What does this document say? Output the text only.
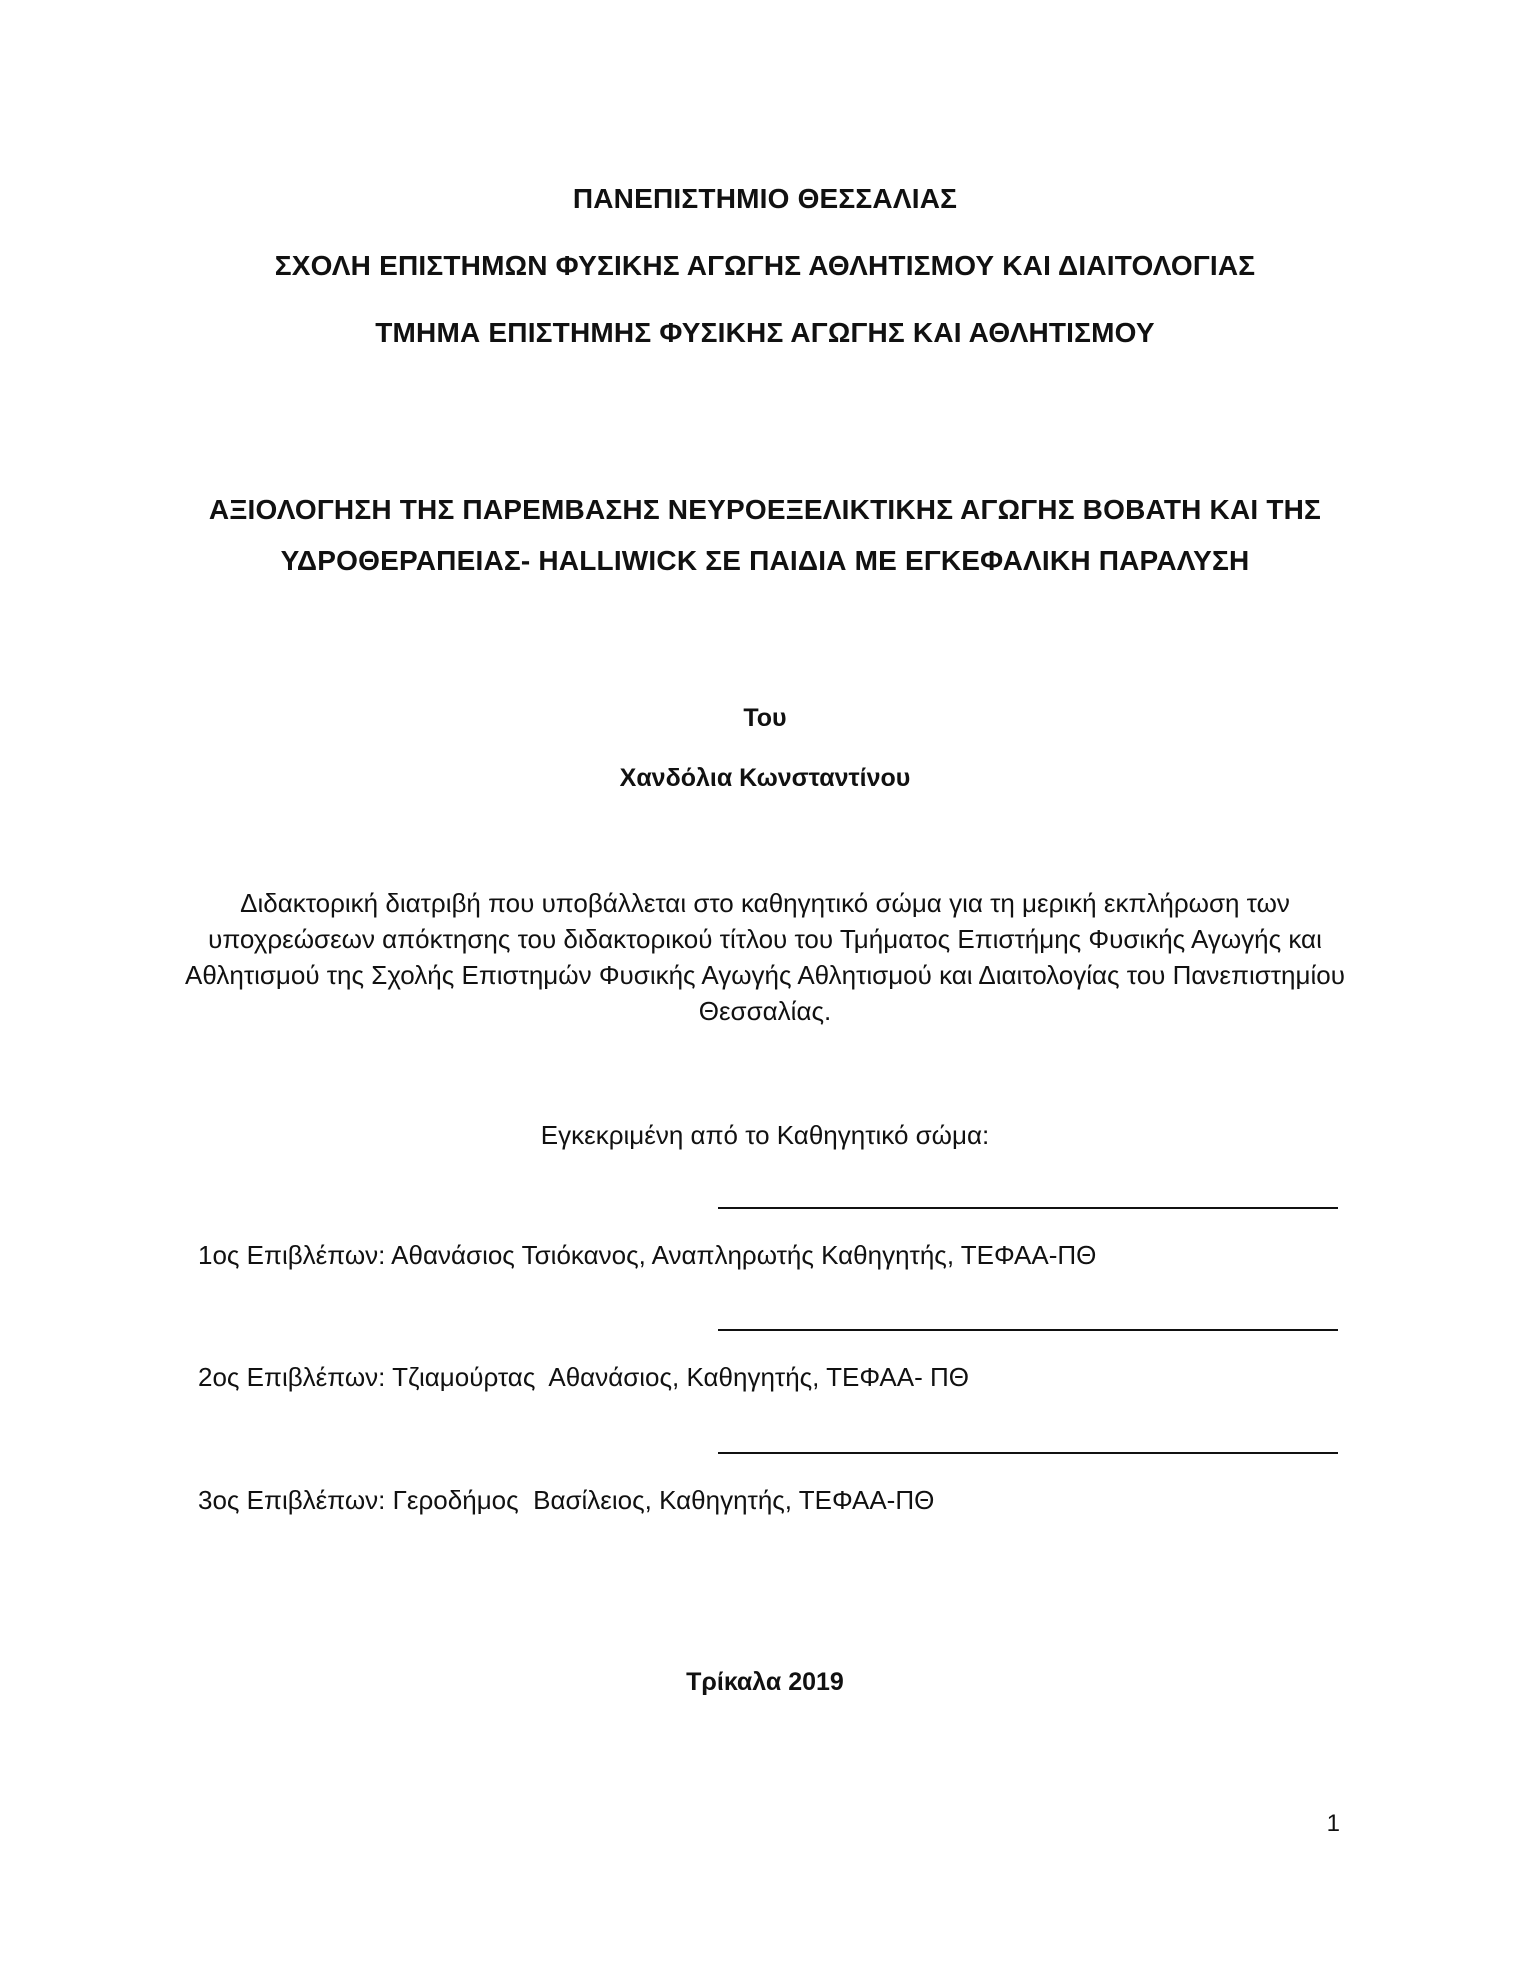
ΠΑΝΕΠΙΣΤΗΜΙΟ ΘΕΣΣΑΛΙΑΣ
ΣΧΟΛΗ ΕΠΙΣΤΗΜΩΝ ΦΥΣΙΚΗΣ ΑΓΩΓΗΣ ΑΘΛΗΤΙΣΜΟΥ ΚΑΙ ΔΙΑΙΤΟΛΟΓΙΑΣ
ΤΜΗΜΑ ΕΠΙΣΤΗΜΗΣ ΦΥΣΙΚΗΣ ΑΓΩΓΗΣ ΚΑΙ ΑΘΛΗΤΙΣΜΟΥ
ΑΞΙΟΛΟΓΗΣΗ ΤΗΣ ΠΑΡΕΜΒΑΣΗΣ ΝΕΥΡΟΕΞΕΛΙΚΤΙΚΗΣ ΑΓΩΓΗΣ BOBATH ΚΑΙ ΤΗΣ
ΥΔΡΟΘΕΡΑΠΕΙΑΣ- HALLIWICK ΣΕ ΠΑΙΔΙΑ ΜΕ ΕΓΚΕΦΑΛΙΚΗ ΠΑΡΑΛΥΣΗ
Του
Χανδόλια Κωνσταντίνου
Διδακτορική διατριβή που υποβάλλεται στο καθηγητικό σώμα για τη μερική εκπλήρωση των υποχρεώσεων απόκτησης του διδακτορικού τίτλου του Τμήματος Επιστήμης Φυσικής Αγωγής και Αθλητισμού της Σχολής Επιστημών Φυσικής Αγωγής Αθλητισμού και Διαιτολογίας του Πανεπιστημίου Θεσσαλίας.
Εγκεκριμένη από το Καθηγητικό σώμα:
1ος Επιβλέπων: Αθανάσιος Τσιόκανος, Αναπληρωτής Καθηγητής, ΤΕΦΑΑ-ΠΘ
2ος Επιβλέπων: Τζιαμούρτας  Αθανάσιος, Καθηγητής, ΤΕΦΑΑ- ΠΘ
3ος Επιβλέπων: Γεροδήμος  Βασίλειος, Καθηγητής, ΤΕΦΑΑ-ΠΘ
Τρίκαλα 2019
1
